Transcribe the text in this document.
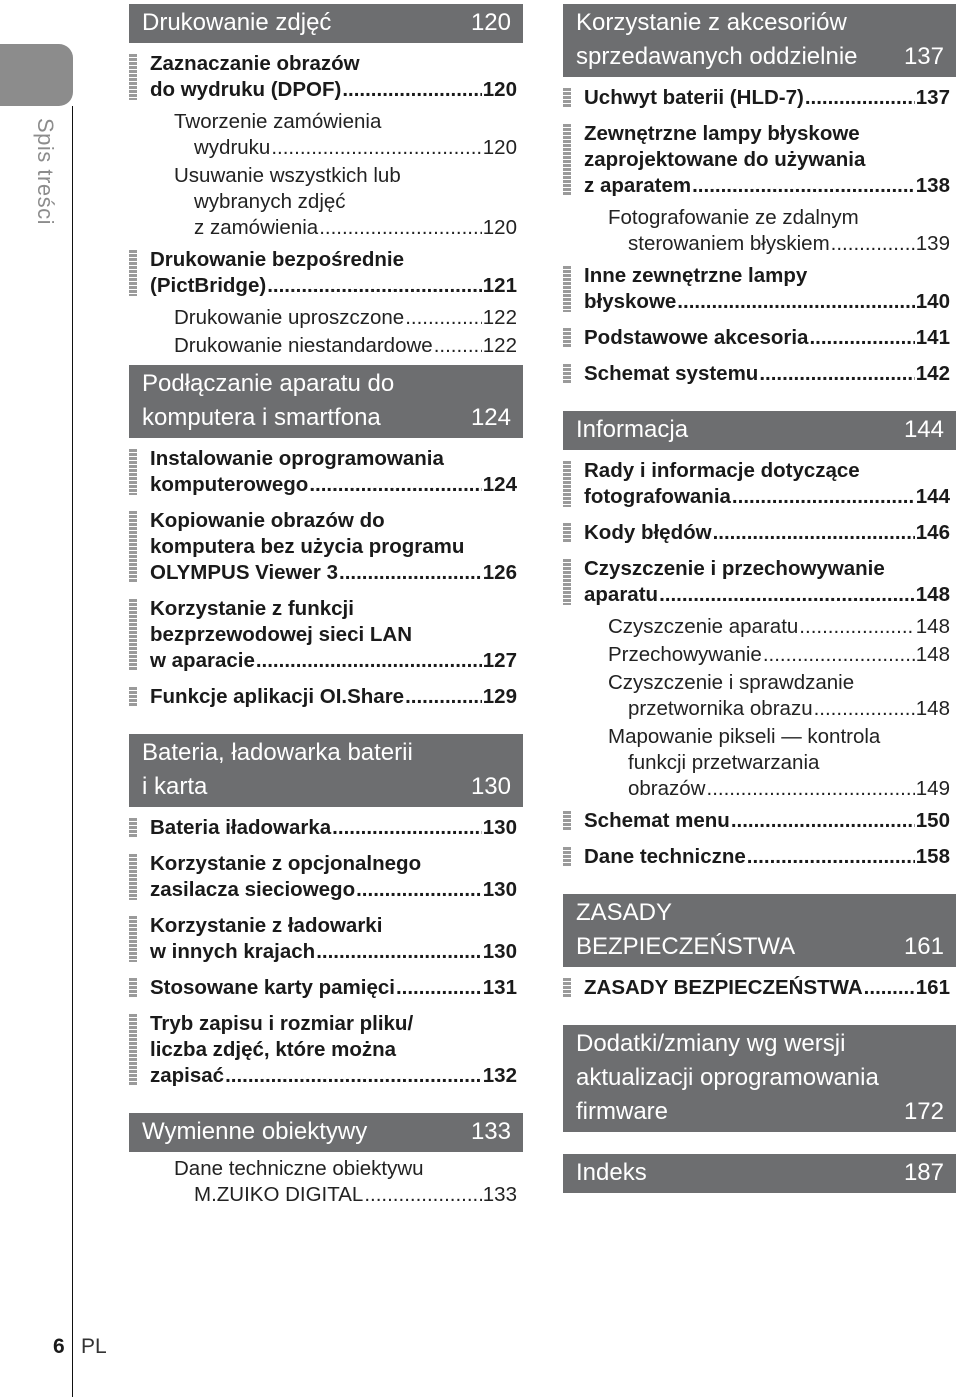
Spis treści
6 PL
Drukowanie zdjęć	120
Zaznaczanie obrazów
do wydruku (DPOF) .....	120
Tworzenie zamówienia
wydruku .....	120
Usuwanie wszystkich lub
wybranych zdjęć
z zamówienia .....	120
Drukowanie bezpośrednie
(PictBridge) .....	121
Drukowanie uproszczone .....	122
Drukowanie niestandardowe ..... 122
Podłączanie aparatu do
komputera i smartfona	124
Instalowanie oprogramowania
komputerowego .....	124
Kopiowanie obrazów do
komputera bez użycia programu
OLYMPUS Viewer 3 .....	126
Korzystanie z funkcji
bezprzewodowej sieci LAN
w aparacie .....	127
Funkcje aplikacji OI.Share .....	129
Bateria, ładowarka baterii
i karta	130
Bateria iładowarka .....	130
Korzystanie z opcjonalnego
zasilacza sieciowego .....	130
Korzystanie z ładowarki
w innych krajach .....	130
Stosowane karty pamięci .....	131
Tryb zapisu i rozmiar pliku/
liczba zdjęć, które można
zapisać .....	132
Wymienne obiektywy	133
Dane techniczne obiektywu
M.ZUIKO DIGITAL .....	133
Korzystanie z akcesoriów
sprzedawanych oddzielnie 137
Uchwyt baterii (HLD-7) .....	137
Zewnętrzne lampy błyskowe
zaprojektowane do używania
z aparatem .....	138
Fotografowanie ze zdalnym
sterowaniem błyskiem .....	139
Inne zewnętrzne lampy
błyskowe .....	140
Podstawowe akcesoria .....	141
Schemat systemu .....	142
Informacja	144
Rady i informacje dotyczące
fotografowania .....	144
Kody błędów .....	146
Czyszczenie i przechowywanie
aparatu .....	148
Czyszczenie aparatu .....	148
Przechowywanie .....	148
Czyszczenie i sprawdzanie
przetwornika obrazu .....	148
Mapowanie pikseli — kontrola
funkcji przetwarzania
obrazów .....	149
Schemat menu .....	150
Dane techniczne .....	158
ZASADY
BEZPIECZEŃSTWA	161
ZASADY BEZPIECZEŃSTWA .....	161
Dodatki/zmiany wg wersji
aktualizacji oprogramowania
firmware	172
Indeks	187
